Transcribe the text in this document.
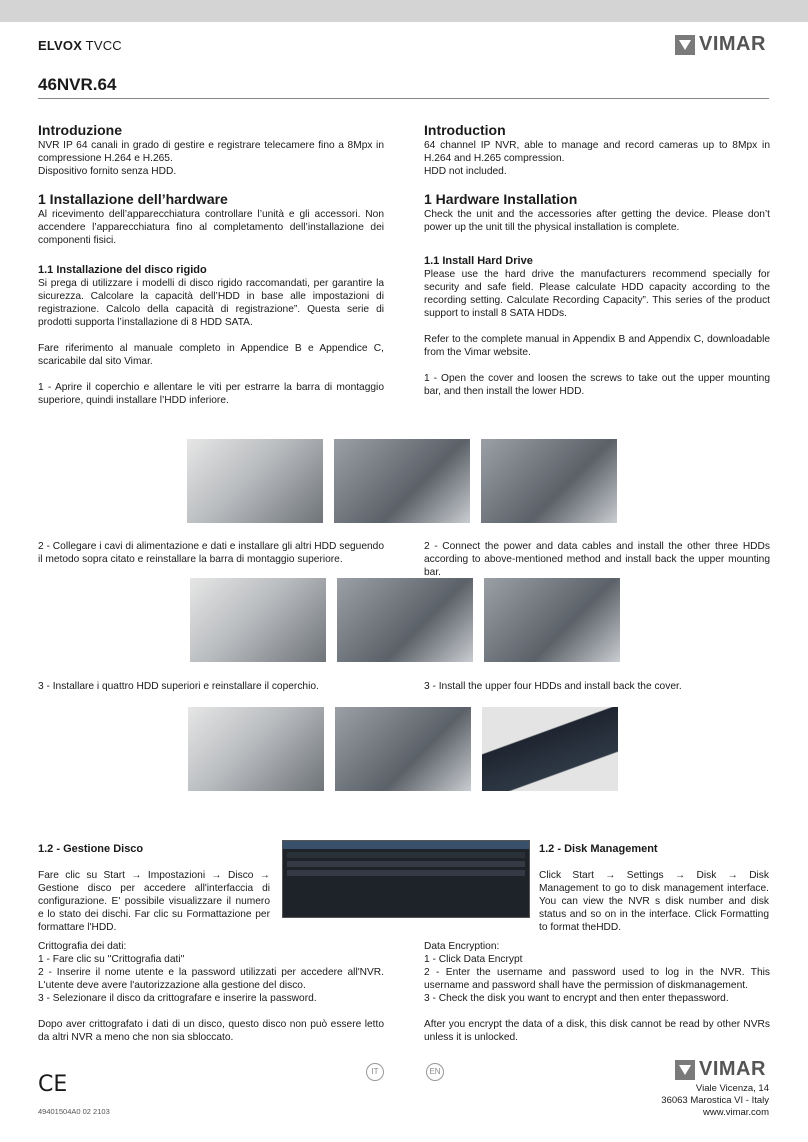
ELVOX TVCC	VIMAR
46NVR.64

Introduzione

NVR IP 64 canali in grado di gestire e registrare telecamere fino a 8Mpx in compressione H.264 e H.265.

Dispositivo fornito senza HDD.

1 Installazione dell’hardware

Al ricevimento dell’apparecchiatura controllare l’unità e gli accessori. Non accendere l’apparecchiatura fino al completamento dell’installazione dei componenti fisici.

1.1 Installazione del disco rigido

Si prega di utilizzare i modelli di disco rigido raccomandati, per garantire la sicurezza. Calcolare la capacità dell’HDD in base alle impostazioni di registrazione. Calcolo della capacità di registrazione”. Questa serie di prodotti supporta l’installazione di 8 HDD SATA.

Fare riferimento al manuale completo in Appendice B e Appendice C, scaricabile dal sito Vimar.

1 - Aprire il coperchio e allentare le viti per estrarre la barra di montaggio superiore, quindi installare l’HDD inferiore.

Introduction

64 channel IP NVR, able to manage and record cameras up to 8Mpx in H.264 and H.265 compression.

HDD not included.

1 Hardware Installation

Check the unit and the accessories after getting the device. Please don’t power up the unit till the physical installation is complete.

1.1 Install Hard Drive

Please use the hard drive the manufacturers recommend specially for security and safe field. Please calculate HDD capacity according to the recording setting. Calculate Recording Capacity”. This series of the product support to install 8 SATA HDDs.

Refer to the complete manual in Appendix B and Appendix C, downloadable from the Vimar website.

1 - Open the cover and loosen the screws to take out the upper mounting bar, and then install the lower HDD.

2 - Collegare i cavi di alimentazione e dati e installare gli altri HDD seguendo il metodo sopra citato e reinstallare la barra di montaggio superiore.
2 - Connect the power and data cables and install the other three HDDs according to above-mentioned method and install back the upper mounting bar.
3 - Installare i quattro HDD superiori e reinstallare il coperchio.	3 - Install the upper four HDDs and install back the cover.

1.2 - Gestione Disco

Fare clic su Start → Impostazioni → Disco → Gestione disco per accedere all'interfaccia di configurazione. E' possibile visualizzare il numero e lo stato dei dischi. Far clic su Formattazione per formattare l'HDD.

1.2 - Disk Management

Click Start → Settings → Disk → Disk Management to go to disk management interface. You can view the NVR s disk number and disk status and so on in the interface. Click Formatting to format theHDD.

Crittografia dei dati:

1 - Fare clic su ''Crittografia dati''

2 - Inserire il nome utente e la password utilizzati per accedere all'NVR. L'utente deve avere l'autorizzazione alla gestione del disco.

3 - Selezionare il disco da crittografare e inserire la password.

Dopo aver crittografato i dati di un disco, questo disco non può essere letto da altri NVR a meno che non sia sbloccato.

Data Encryption:

1 - Click Data Encrypt

2 - Enter the username and password used to log in the NVR. This username and password shall have the permission of diskmanagement.

3 - Check the disk you want to encrypt and then enter thepassword.

After you encrypt the data of a disk, this disk cannot be read by other NVRs unless it is unlocked.

IT	EN
CE
49401504A0 02 2103
VIMAR
Viale Vicenza, 14
36063 Marostica VI - Italy
www.vimar.com
